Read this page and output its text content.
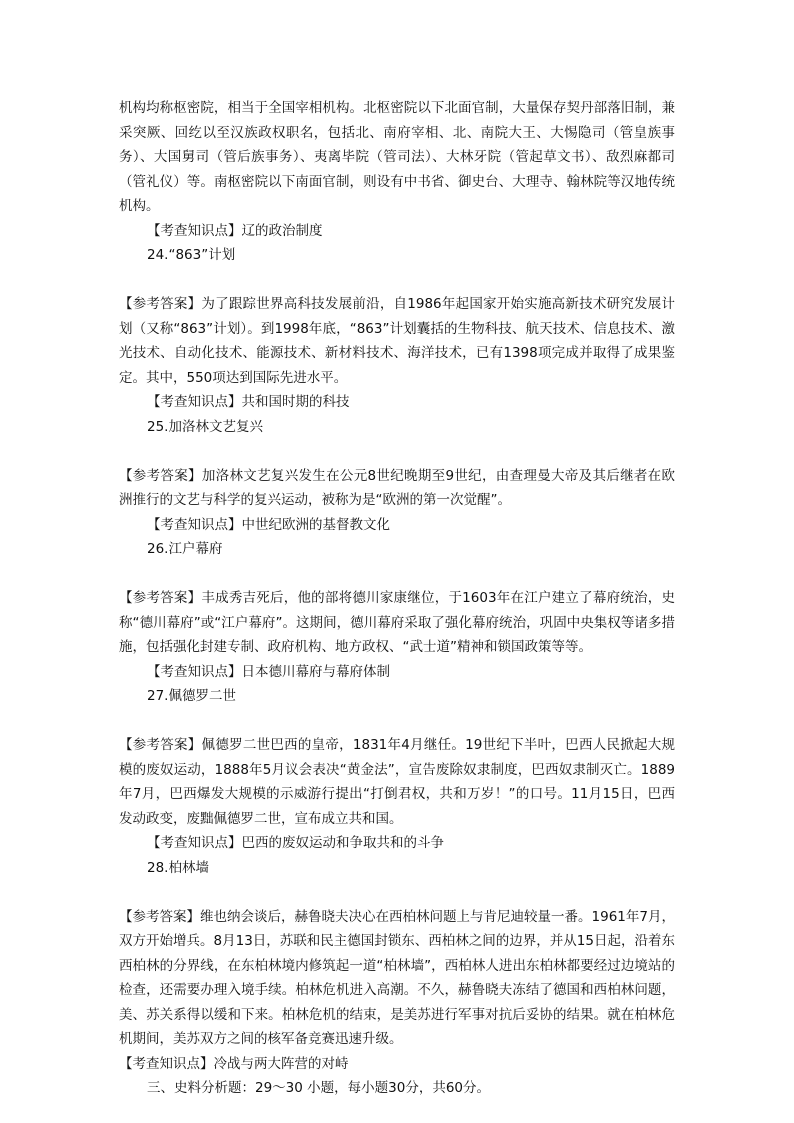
机构均称枢密院，相当于全国宰相机构。北枢密院以下北面官制，大量保存契丹部落旧制，兼采突厥、回纥以至汉族政权职名，包括北、南府宰相、北、南院大王、大惕隐司（管皇族事务）、大国舅司（管后族事务）、夷离毕院（管司法）、大林牙院（管起草文书）、敌烈麻都司（管礼仪）等。南枢密院以下南面官制，则设有中书省、御史台、大理寺、翰林院等汉地传统机构。

【考查知识点】辽的政治制度

24.“863”计划

【参考答案】为了跟踪世界高科技发展前沿，自1986年起国家开始实施高新技术研究发展计划（又称“863”计划）。到1998年底，“863”计划囊括的生物科技、航天技术、信息技术、激光技术、自动化技术、能源技术、新材料技术、海洋技术，已有1398项完成并取得了成果鉴定。其中，550项达到国际先进水平。

【考查知识点】共和国时期的科技

25.加洛林文艺复兴

【参考答案】加洛林文艺复兴发生在公元8世纪晚期至9世纪，由查理曼大帝及其后继者在欧洲推行的文艺与科学的复兴运动，被称为是“欧洲的第一次觉醒”。

【考查知识点】中世纪欧洲的基督教文化

26.江户幕府

【参考答案】丰成秀吉死后，他的部将德川家康继位，于1603年在江户建立了幕府统治，史称“德川幕府”或“江户幕府”。这期间，德川幕府采取了强化幕府统治，巩固中央集权等诸多措施，包括强化封建专制、政府机构、地方政权、“武士道”精神和锁国政策等等。

【考查知识点】日本德川幕府与幕府体制

27.佩德罗二世

【参考答案】佩德罗二世巴西的皇帝，1831年4月继任。19世纪下半叶，巴西人民掀起大规模的废奴运动，1888年5月议会表决“黄金法”，宣告废除奴隶制度，巴西奴隶制灭亡。1889年7月，巴西爆发大规模的示威游行提出“打倒君权，共和万岁！”的口号。11月15日，巴西发动政变，废黜佩德罗二世，宣布成立共和国。

【考查知识点】巴西的废奴运动和争取共和的斗争

28.柏林墙

【参考答案】维也纳会谈后，赫鲁晓夫决心在西柏林问题上与肯尼迪较量一番。1961年7月，双方开始增兵。8月13日，苏联和民主德国封锁东、西柏林之间的边界，并从15日起，沿着东西柏林的分界线，在东柏林境内修筑起一道“柏林墙”，西柏林人进出东柏林都要经过边境站的检查，还需要办理入境手续。柏林危机进入高潮。不久，赫鲁晓夫冻结了德国和西柏林问题，美、苏关系得以缓和下来。柏林危机的结束，是美苏进行军事对抗后妥协的结果。就在柏林危机期间，美苏双方之间的核军备竞赛迅速升级。

【考查知识点】冷战与两大阵营的对峙

三、史料分析题：29～30 小题，每小题30分，共60分。
